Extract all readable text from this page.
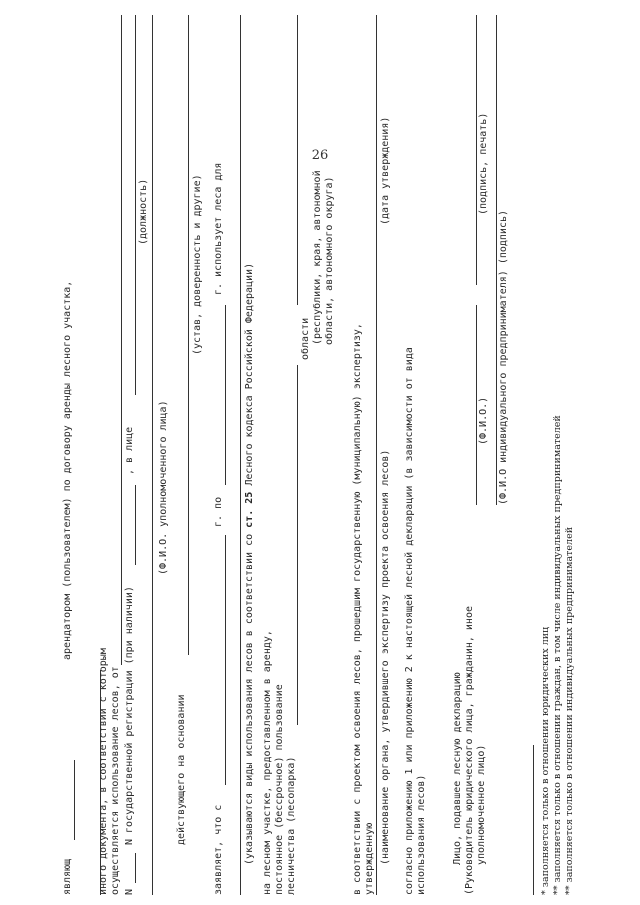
26
являющ
арендатором (пользователем) по договору аренды лесного участка,
иного документа, в соответствии с которым осуществляется использование лесов, от N
N государственной регистрации (при наличии)
, в лице
(должность)
(Ф.И.О. уполномоченного лица)
действующего на основании
(устав, доверенность и другие)
заявляет, что с
г. по
г. использует леса для
(указываются виды использования лесов в соответствии со ст. 25 Лесного кодекса Российской Федерации)
на лесном участке, предоставленном в аренду, постоянное (бессрочное) пользование лесничества (лесопарка)
области (республики, края, автономной области, автономного округа)
в соответствии с проектом освоения лесов, прошедшим государственную (муниципальную) экспертизу, утвержденную (наименование органа, утвердившего экспертизу проекта освоения лесов)
(дата утверждения)
согласно приложению 1 или приложению 2 к настоящей лесной декларации (в зависимости от вида использования лесов)	Лицо, подавшее лесную декларацию (Руководитель юридического лица, гражданин, иное
(Ф.И.О.)
(подпись, печать)
уполномоченное лицо)
(Ф.И.О индивидуального предпринимателя) (подпись)
* заполняется только в отношении юридических лиц ** заполняется только в отношении граждан, в том числе индивидуальных предпринимателей ** заполняется только в отношении индивидуальных предпринимателей
